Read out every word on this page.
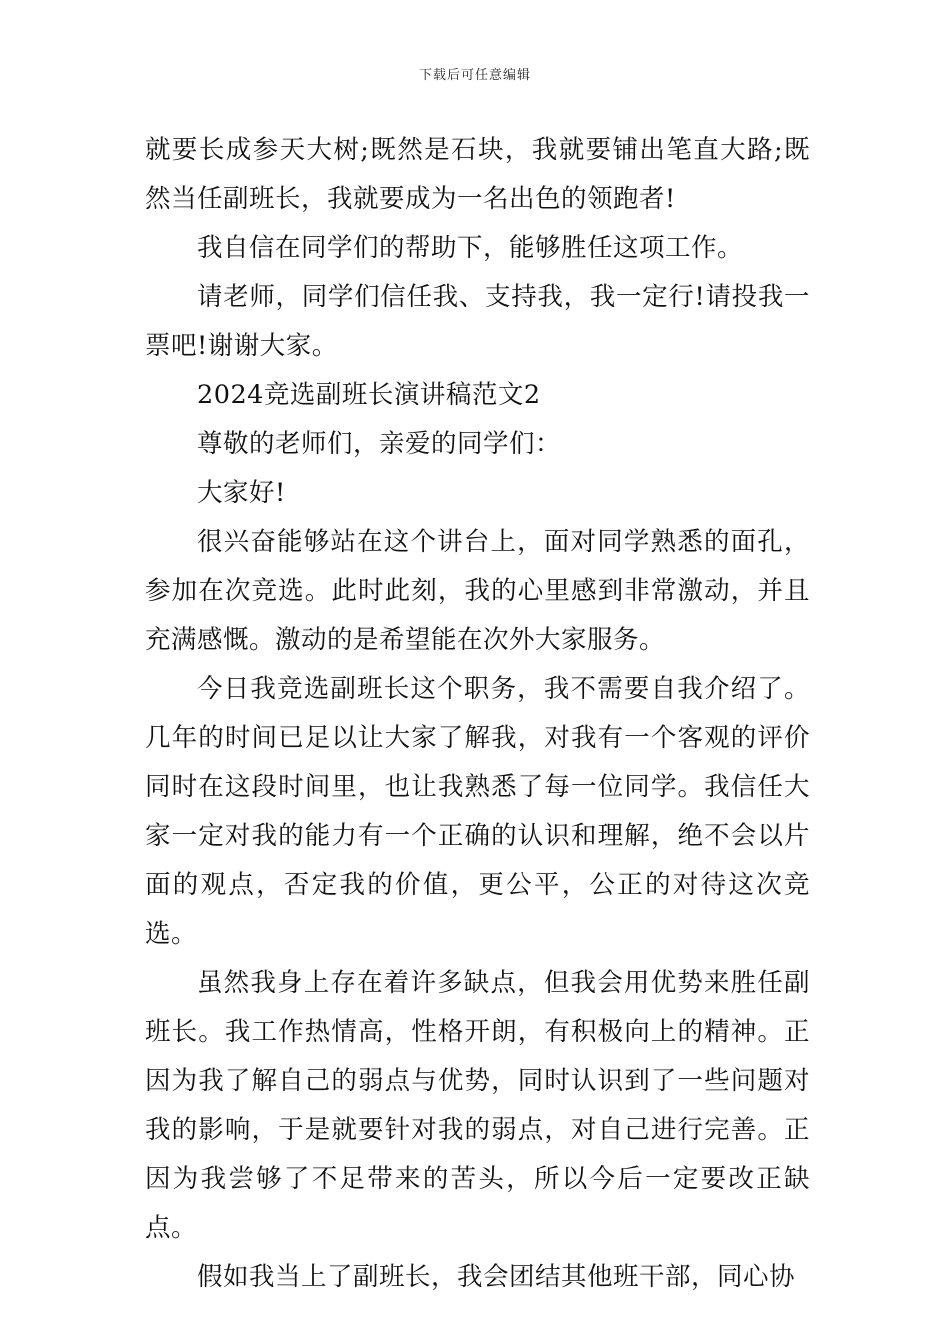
下载后可任意编辑

就要长成参天大树;既然是石块，我就要铺出笔直大路;既然当任副班长，我就要成为一名出色的领跑者!

我自信在同学们的帮助下，能够胜任这项工作。

请老师，同学们信任我、支持我，我一定行!请投我一票吧!谢谢大家。

2024竞选副班长演讲稿范文2

尊敬的老师们，亲爱的同学们：

大家好!

很兴奋能够站在这个讲台上，面对同学熟悉的面孔，参加在次竞选。此时此刻，我的心里感到非常激动，并且充满感慨。激动的是希望能在次外大家服务。

今日我竞选副班长这个职务，我不需要自我介绍了。几年的时间已足以让大家了解我，对我有一个客观的评价同时在这段时间里，也让我熟悉了每一位同学。我信任大家一定对我的能力有一个正确的认识和理解，绝不会以片面的观点，否定我的价值，更公平，公正的对待这次竞选。

虽然我身上存在着许多缺点，但我会用优势来胜任副班长。我工作热情高，性格开朗，有积极向上的精神。正因为我了解自己的弱点与优势，同时认识到了一些问题对我的影响，于是就要针对我的弱点，对自己进行完善。正因为我尝够了不足带来的苦头，所以今后一定要改正缺点。

假如我当上了副班长，我会团结其他班干部，同心协
